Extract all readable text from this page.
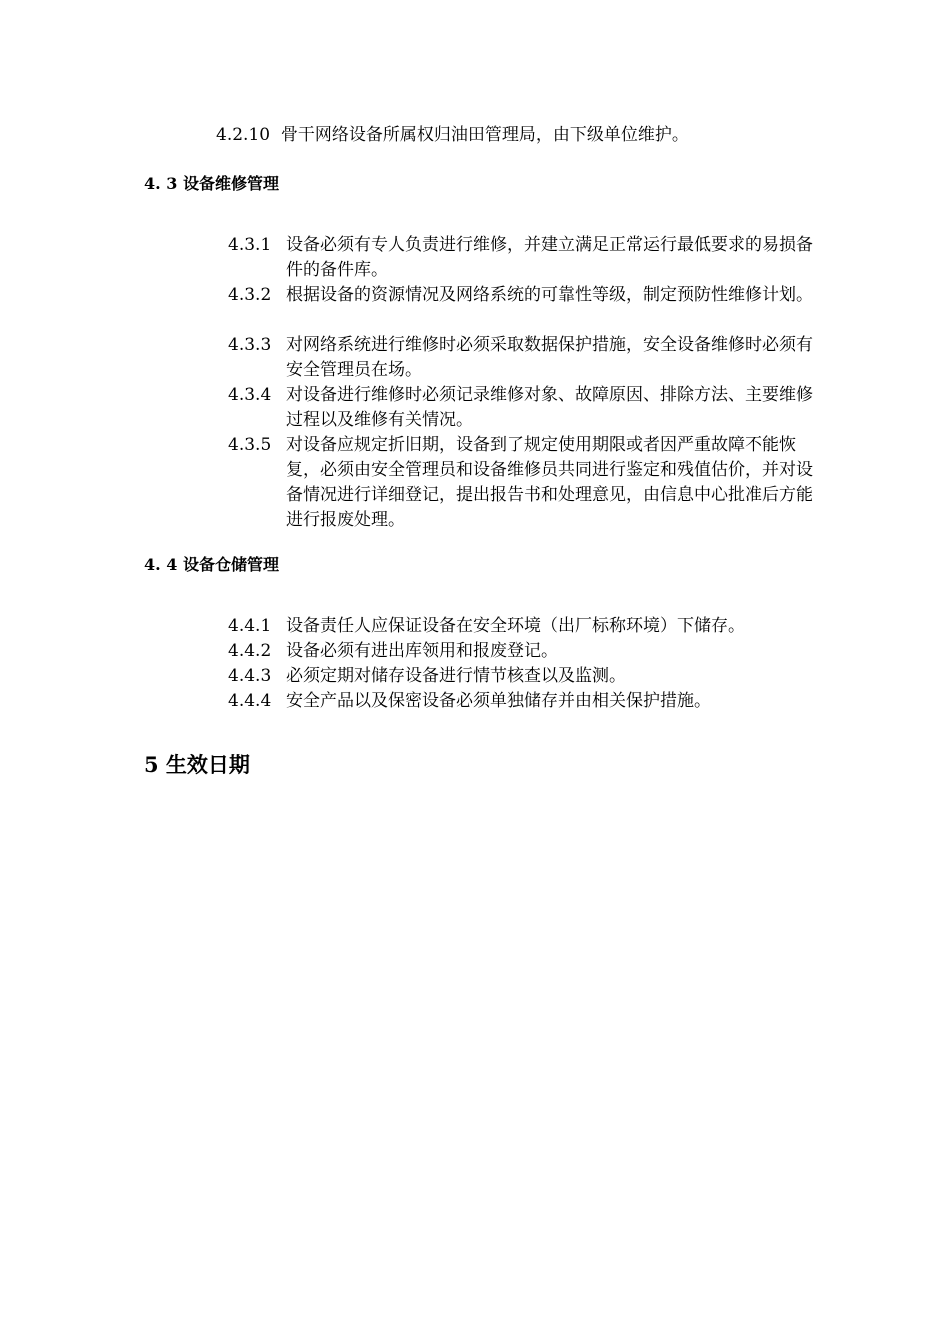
4.2.10 骨干网络设备所属权归油田管理局，由下级单位维护。
4. 3 设备维修管理
4.3.1 设备必须有专人负责进行维修，并建立满足正常运行最低要求的易损备件的备件库。
4.3.2 根据设备的资源情况及网络系统的可靠性等级，制定预防性维修计划。
4.3.3 对网络系统进行维修时必须采取数据保护措施，安全设备维修时必须有安全管理员在场。
4.3.4 对设备进行维修时必须记录维修对象、故障原因、排除方法、主要维修过程以及维修有关情况。
4.3.5 对设备应规定折旧期，设备到了规定使用期限或者因严重故障不能恢复，必须由安全管理员和设备维修员共同进行鉴定和残值估价，并对设备情况进行详细登记，提出报告书和处理意见，由信息中心批准后方能进行报废处理。
4. 4 设备仓储管理
4.4.1 设备责任人应保证设备在安全环境（出厂标称环境）下储存。
4.4.2 设备必须有进出库领用和报废登记。
4.4.3 必须定期对储存设备进行情节核查以及监测。
4.4.4 安全产品以及保密设备必须单独储存并由相关保护措施。
5 生效日期
